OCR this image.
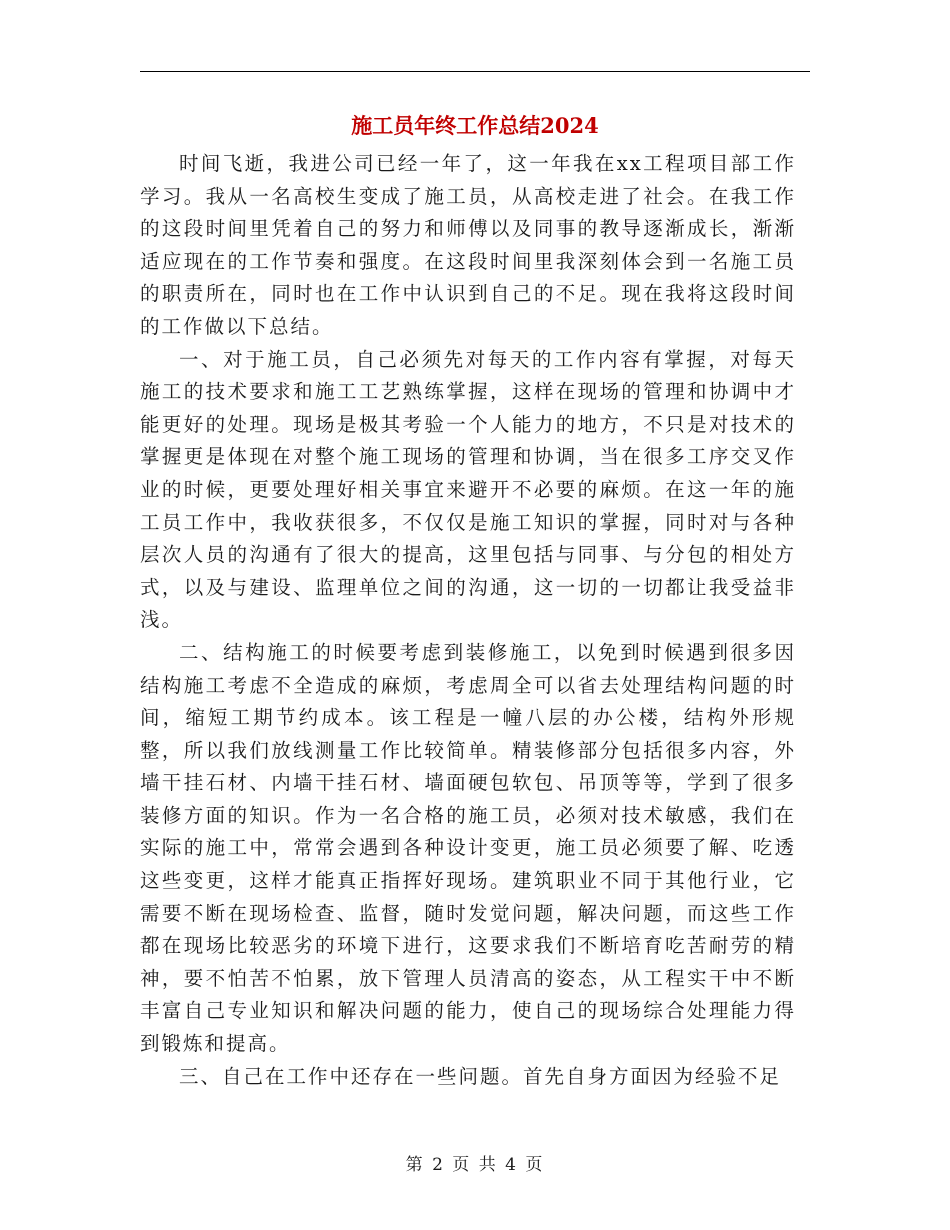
施工员年终工作总结2024

时间飞逝，我进公司已经一年了，这一年我在xx工程项目部工作学习。我从一名高校生变成了施工员，从高校走进了社会。在我工作的这段时间里凭着自己的努力和师傅以及同事的教导逐渐成长，渐渐适应现在的工作节奏和强度。在这段时间里我深刻体会到一名施工员的职责所在，同时也在工作中认识到自己的不足。现在我将这段时间的工作做以下总结。

一、对于施工员，自己必须先对每天的工作内容有掌握，对每天施工的技术要求和施工工艺熟练掌握，这样在现场的管理和协调中才能更好的处理。现场是极其考验一个人能力的地方，不只是对技术的掌握更是体现在对整个施工现场的管理和协调，当在很多工序交叉作业的时候，更要处理好相关事宜来避开不必要的麻烦。在这一年的施工员工作中，我收获很多，不仅仅是施工知识的掌握，同时对与各种层次人员的沟通有了很大的提高，这里包括与同事、与分包的相处方式，以及与建设、监理单位之间的沟通，这一切的一切都让我受益非浅。

二、结构施工的时候要考虑到装修施工，以免到时候遇到很多因结构施工考虑不全造成的麻烦，考虑周全可以省去处理结构问题的时间，缩短工期节约成本。该工程是一幢八层的办公楼，结构外形规整，所以我们放线测量工作比较简单。精装修部分包括很多内容，外墙干挂石材、内墙干挂石材、墙面硬包软包、吊顶等等，学到了很多装修方面的知识。作为一名合格的施工员，必须对技术敏感，我们在实际的施工中，常常会遇到各种设计变更，施工员必须要了解、吃透这些变更，这样才能真正指挥好现场。建筑职业不同于其他行业，它需要不断在现场检查、监督，随时发觉问题，解决问题，而这些工作都在现场比较恶劣的环境下进行，这要求我们不断培育吃苦耐劳的精神，要不怕苦不怕累，放下管理人员清高的姿态，从工程实干中不断丰富自己专业知识和解决问题的能力，使自己的现场综合处理能力得到锻炼和提高。

三、自己在工作中还存在一些问题。首先自身方面因为经验不足

第 2 页 共 4 页
